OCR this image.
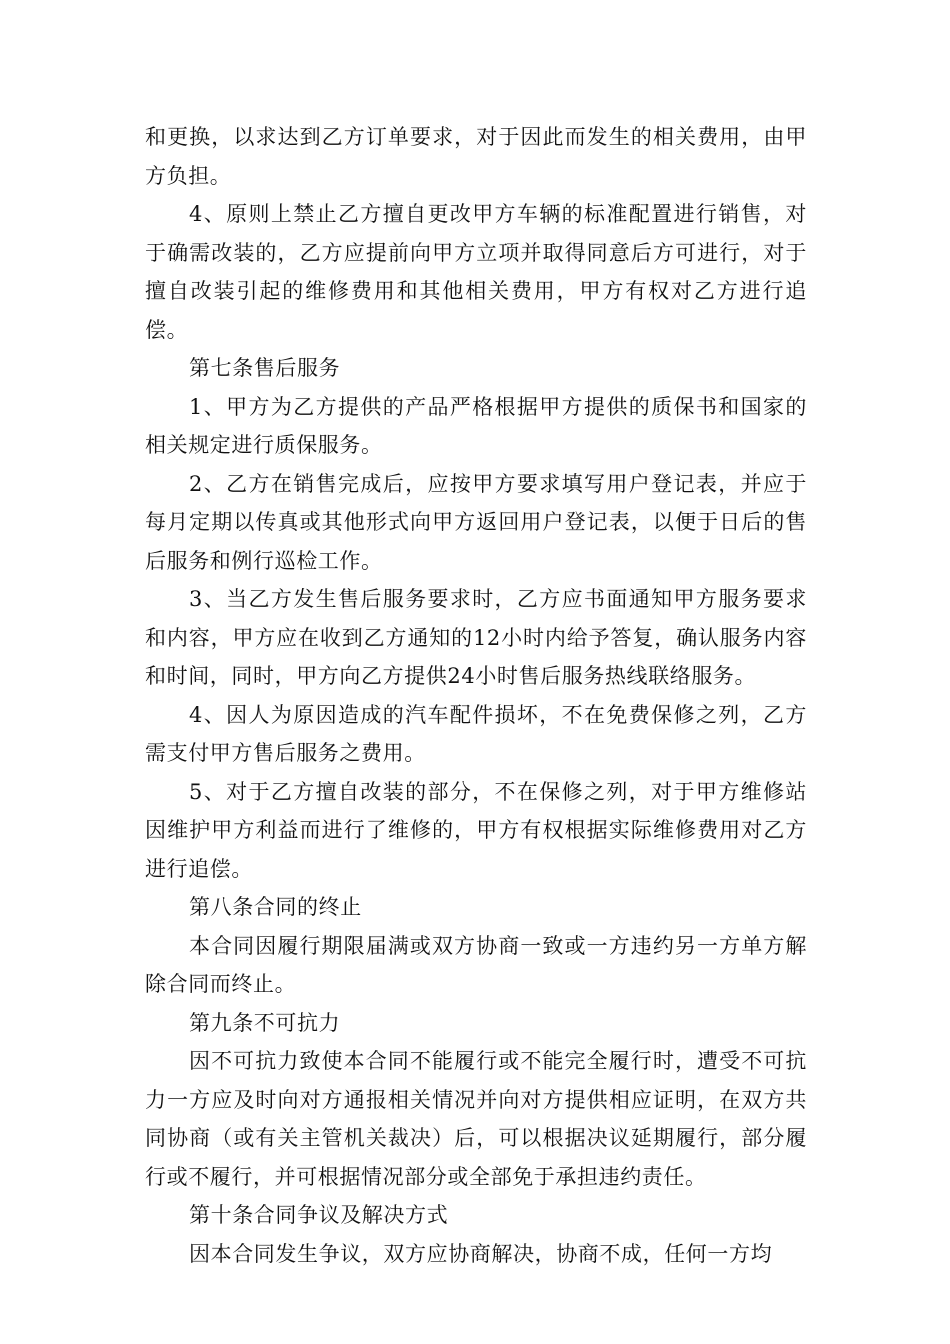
和更换，以求达到乙方订单要求，对于因此而发生的相关费用，由甲方负担。

4、原则上禁止乙方擅自更改甲方车辆的标准配置进行销售，对于确需改装的，乙方应提前向甲方立项并取得同意后方可进行，对于擅自改装引起的维修费用和其他相关费用，甲方有权对乙方进行追偿。

第七条售后服务

1、甲方为乙方提供的产品严格根据甲方提供的质保书和国家的相关规定进行质保服务。

2、乙方在销售完成后，应按甲方要求填写用户登记表，并应于每月定期以传真或其他形式向甲方返回用户登记表，以便于日后的售后服务和例行巡检工作。

3、当乙方发生售后服务要求时，乙方应书面通知甲方服务要求和内容，甲方应在收到乙方通知的12小时内给予答复，确认服务内容和时间，同时，甲方向乙方提供24小时售后服务热线联络服务。

4、因人为原因造成的汽车配件损坏，不在免费保修之列，乙方需支付甲方售后服务之费用。

5、对于乙方擅自改装的部分，不在保修之列，对于甲方维修站因维护甲方利益而进行了维修的，甲方有权根据实际维修费用对乙方进行追偿。

第八条合同的终止

本合同因履行期限届满或双方协商一致或一方违约另一方单方解除合同而终止。

第九条不可抗力

因不可抗力致使本合同不能履行或不能完全履行时，遭受不可抗力一方应及时向对方通报相关情况并向对方提供相应证明，在双方共同协商（或有关主管机关裁决）后，可以根据决议延期履行，部分履行或不履行，并可根据情况部分或全部免于承担违约责任。

第十条合同争议及解决方式

因本合同发生争议，双方应协商解决，协商不成，任何一方均
